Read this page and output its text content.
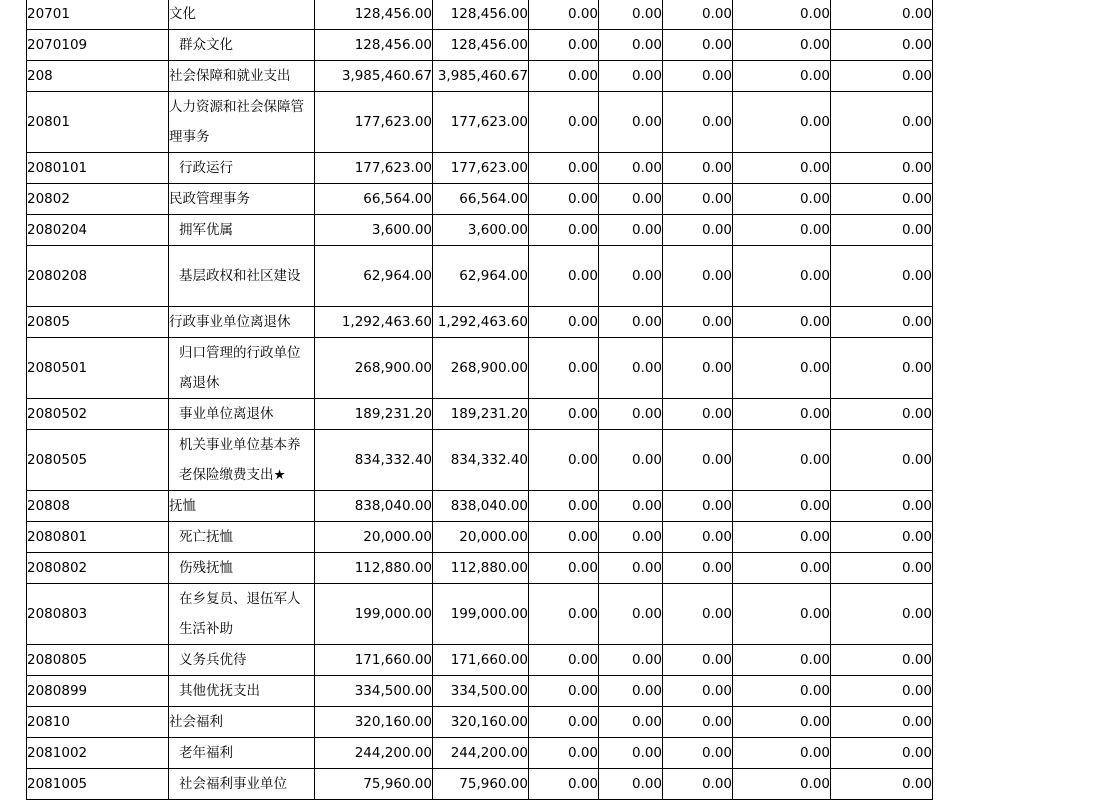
20701	文化	128,456.00	128,456.00	0.00	0.00	0.00	0.00	0.00
2070109	群众文化	128,456.00	128,456.00	0.00	0.00	0.00	0.00	0.00
208	社会保障和就业支出	3,985,460.67	3,985,460.67	0.00	0.00	0.00	0.00	0.00
20801	人力资源和社会保障管理事务	177,623.00	177,623.00	0.00	0.00	0.00	0.00	0.00
2080101	行政运行	177,623.00	177,623.00	0.00	0.00	0.00	0.00	0.00
20802	民政管理事务	66,564.00	66,564.00	0.00	0.00	0.00	0.00	0.00
2080204	拥军优属	3,600.00	3,600.00	0.00	0.00	0.00	0.00	0.00
2080208	基层政权和社区建设	62,964.00	62,964.00	0.00	0.00	0.00	0.00	0.00
20805	行政事业单位离退休	1,292,463.60	1,292,463.60	0.00	0.00	0.00	0.00	0.00
2080501	归口管理的行政单位离退休	268,900.00	268,900.00	0.00	0.00	0.00	0.00	0.00
2080502	事业单位离退休	189,231.20	189,231.20	0.00	0.00	0.00	0.00	0.00
2080505	机关事业单位基本养老保险缴费支出★	834,332.40	834,332.40	0.00	0.00	0.00	0.00	0.00
20808	抚恤	838,040.00	838,040.00	0.00	0.00	0.00	0.00	0.00
2080801	死亡抚恤	20,000.00	20,000.00	0.00	0.00	0.00	0.00	0.00
2080802	伤残抚恤	112,880.00	112,880.00	0.00	0.00	0.00	0.00	0.00
2080803	在乡复员、退伍军人生活补助	199,000.00	199,000.00	0.00	0.00	0.00	0.00	0.00
2080805	义务兵优待	171,660.00	171,660.00	0.00	0.00	0.00	0.00	0.00
2080899	其他优抚支出	334,500.00	334,500.00	0.00	0.00	0.00	0.00	0.00
20810	社会福利	320,160.00	320,160.00	0.00	0.00	0.00	0.00	0.00
2081002	老年福利	244,200.00	244,200.00	0.00	0.00	0.00	0.00	0.00
2081005	社会福利事业单位	75,960.00	75,960.00	0.00	0.00	0.00	0.00	0.00
